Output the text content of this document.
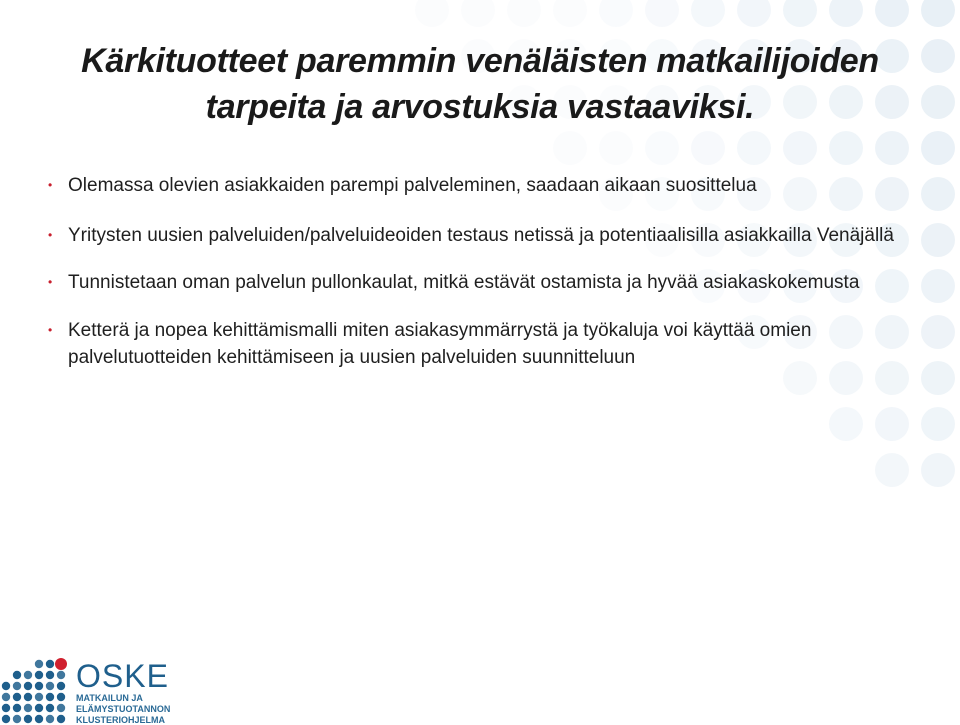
Kärkituotteet paremmin venäläisten matkailijoiden
tarpeita ja arvostuksia vastaaviksi.
• Olemassa olevien asiakkaiden parempi palveleminen, saadaan aikaan suosittelua
• Yritysten uusien palveluiden/palveluideoiden testaus netissä ja potentiaalisilla asiakkailla Venäjällä
• Tunnistetaan oman palvelun pullonkaulat, mitkä estävät ostamista ja hyvää asiakaskokemusta
• Ketterä ja nopea kehittämismalli miten asiakasymmärrystä ja työkaluja voi käyttää omien palvelutuotteiden kehittämiseen ja uusien palveluiden suunnitteluun
OSKE
MATKAILUN JA
ELÄMYSTUOTANNON
KLUSTERIOHJELMA
